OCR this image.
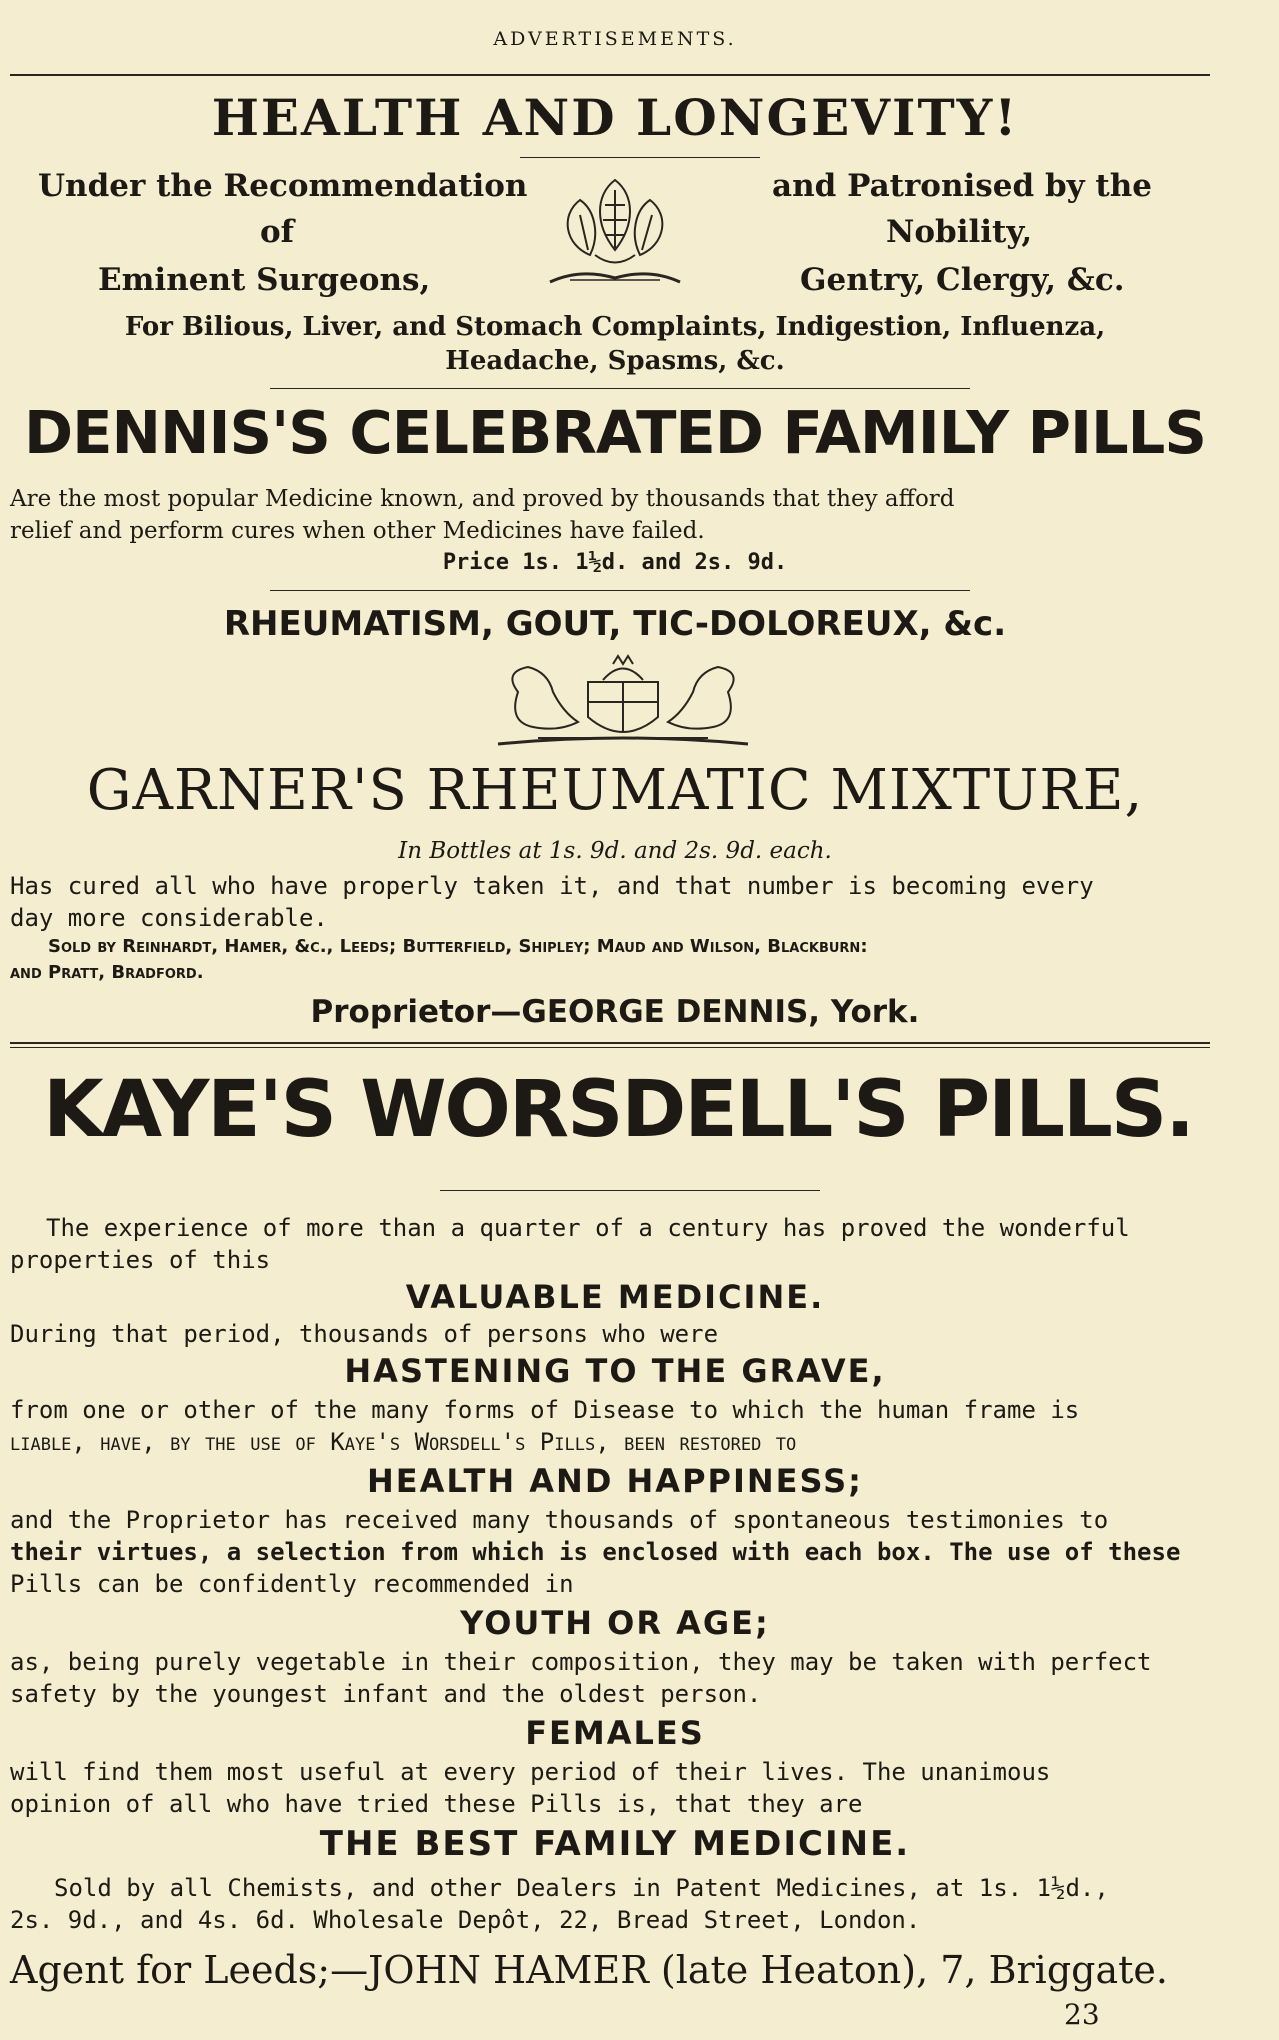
ADVERTISEMENTS.
HEALTH AND LONGEVITY!
Under the Recommendation
of
Eminent Surgeons,
and Patronised by the
Nobility,
Gentry, Clergy, &c.
For Bilious, Liver, and Stomach Complaints, Indigestion, Influenza,
Headache, Spasms, &c.
DENNIS'S CELEBRATED FAMILY PILLS
Are the most popular Medicine known, and proved by thousands that they afford
relief and perform cures when other Medicines have failed.
Price 1s. 1½d. and 2s. 9d.
RHEUMATISM, GOUT, TIC-DOLOREUX, &c.
GARNER'S RHEUMATIC MIXTURE,
In Bottles at 1s. 9d. and 2s. 9d. each.
Has cured all who have properly taken it, and that number is becoming every
day more considerable.
Sold by Reinhardt, Hamer, &c., Leeds; Butterfield, Shipley; Maud and Wilson, Blackburn:
and Pratt, Bradford.
Proprietor—GEORGE DENNIS, York.
KAYE'S WORSDELL'S PILLS.
The experience of more than a quarter of a century has proved the wonderful
properties of this
VALUABLE MEDICINE.
During that period, thousands of persons who were
HASTENING TO THE GRAVE,
from one or other of the many forms of Disease to which the human frame is
liable, have, by the use of Kaye's Worsdell's Pills, been restored to
HEALTH AND HAPPINESS;
and the Proprietor has received many thousands of spontaneous testimonies to
their virtues, a selection from which is enclosed with each box. The use of these
Pills can be confidently recommended in
YOUTH OR AGE;
as, being purely vegetable in their composition, they may be taken with perfect
safety by the youngest infant and the oldest person.
FEMALES
will find them most useful at every period of their lives. The unanimous
opinion of all who have tried these Pills is, that they are
THE BEST FAMILY MEDICINE.
Sold by all Chemists, and other Dealers in Patent Medicines, at 1s. 1½d.,
2s. 9d., and 4s. 6d. Wholesale Depôt, 22, Bread Street, London.
Agent for Leeds;—JOHN HAMER (late Heaton), 7, Briggate.
23
